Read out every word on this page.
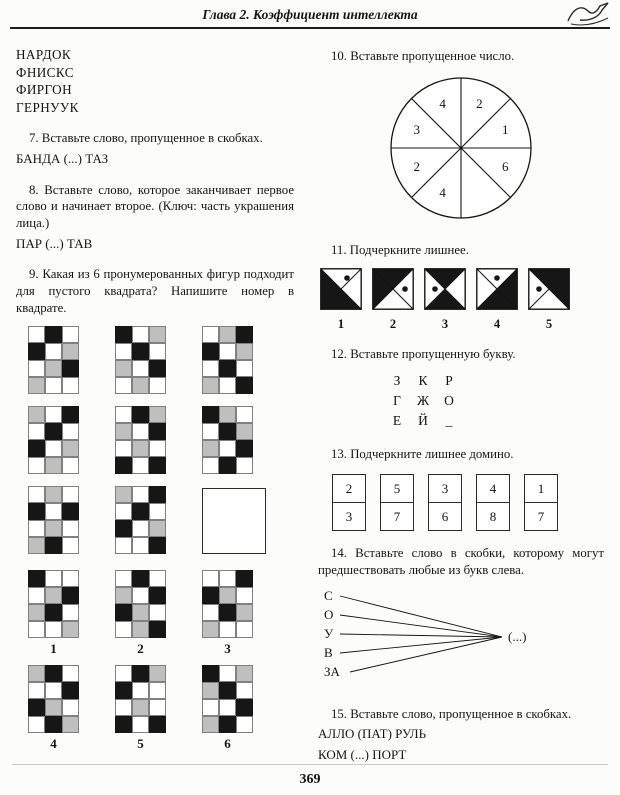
Глава 2. Коэффициент интеллекта
НАРДОК
ФНИСКС
ФИРГОН
ГЕРНУУК

7. Вставьте слово, пропущенное в скобках.

БАНДА (...) ТАЗ

8. Вставьте слово, которое заканчивает первое слово и начинает второе. (Ключ: часть украшения лица.)

ПАР (...) ТАВ

9. Какая из 6 пронумерованных фигур подходит для пустого квадрата? Напишите номер в квадрате.

1	2	3
4	5	6

10. Вставьте пропущенное число.

4 2
3	1
2	6
4

11. Подчеркните лишнее.

1	2	3	4	5

12. Вставьте пропущенную букву.

З	К	Р
Г	Ж	О
Е	Й	_

13. Подчеркните лишнее домино.

2
3
5
7
3
6
4
8
1
7

14. Вставьте слово в скобки, которому могут предшествовать любые из букв слева.

С
О
У
В
ЗА
(...)

15. Вставьте слово, пропущенное в скобках.

АЛЛО (ПАТ) РУЛЬ

КОМ (...) ПОРТ

369
